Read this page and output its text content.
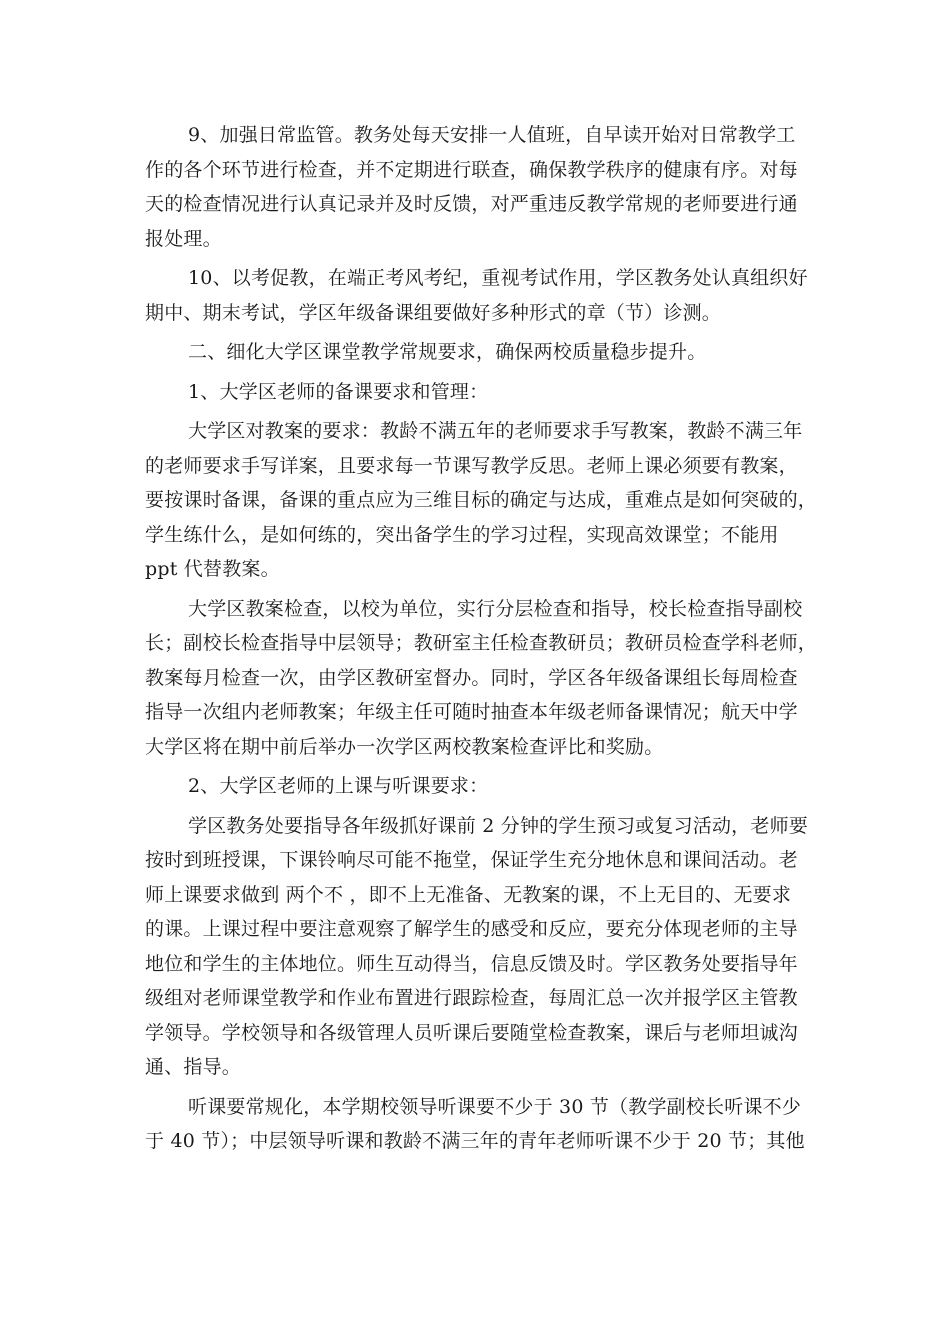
9、加强日常监管。教务处每天安排一人值班，自早读开始对日常教学工
作的各个环节进行检查，并不定期进行联查，确保教学秩序的健康有序。对每
天的检查情况进行认真记录并及时反馈，对严重违反教学常规的老师要进行通
报处理。
10、以考促教，在端正考风考纪，重视考试作用，学区教务处认真组织好
期中、期末考试，学区年级备课组要做好多种形式的章（节）诊测。
二、细化大学区课堂教学常规要求，确保两校质量稳步提升。
1、大学区老师的备课要求和管理：
大学区对教案的要求：教龄不满五年的老师要求手写教案，教龄不满三年
的老师要求手写详案，且要求每一节课写教学反思。老师上课必须要有教案，
要按课时备课，备课的重点应为三维目标的确定与达成，重难点是如何突破的，
学生练什么，是如何练的，突出备学生的学习过程，实现高效课堂；不能用
ppt 代替教案。
大学区教案检查，以校为单位，实行分层检查和指导，校长检查指导副校
长；副校长检查指导中层领导；教研室主任检查教研员；教研员检查学科老师，
教案每月检查一次，由学区教研室督办。同时，学区各年级备课组长每周检查
指导一次组内老师教案；年级主任可随时抽查本年级老师备课情况；航天中学
大学区将在期中前后举办一次学区两校教案检查评比和奖励。
2、大学区老师的上课与听课要求：
学区教务处要指导各年级抓好课前 2 分钟的学生预习或复习活动，老师要
按时到班授课，下课铃响尽可能不拖堂，保证学生充分地休息和课间活动。老
师上课要求做到 两个不 ，即不上无准备、无教案的课，不上无目的、无要求
的课。上课过程中要注意观察了解学生的感受和反应，要充分体现老师的主导
地位和学生的主体地位。师生互动得当，信息反馈及时。学区教务处要指导年
级组对老师课堂教学和作业布置进行跟踪检查，每周汇总一次并报学区主管教
学领导。学校领导和各级管理人员听课后要随堂检查教案，课后与老师坦诚沟
通、指导。
听课要常规化，本学期校领导听课要不少于 30 节（教学副校长听课不少
于 40 节）；中层领导听课和教龄不满三年的青年老师听课不少于 20 节；其他
